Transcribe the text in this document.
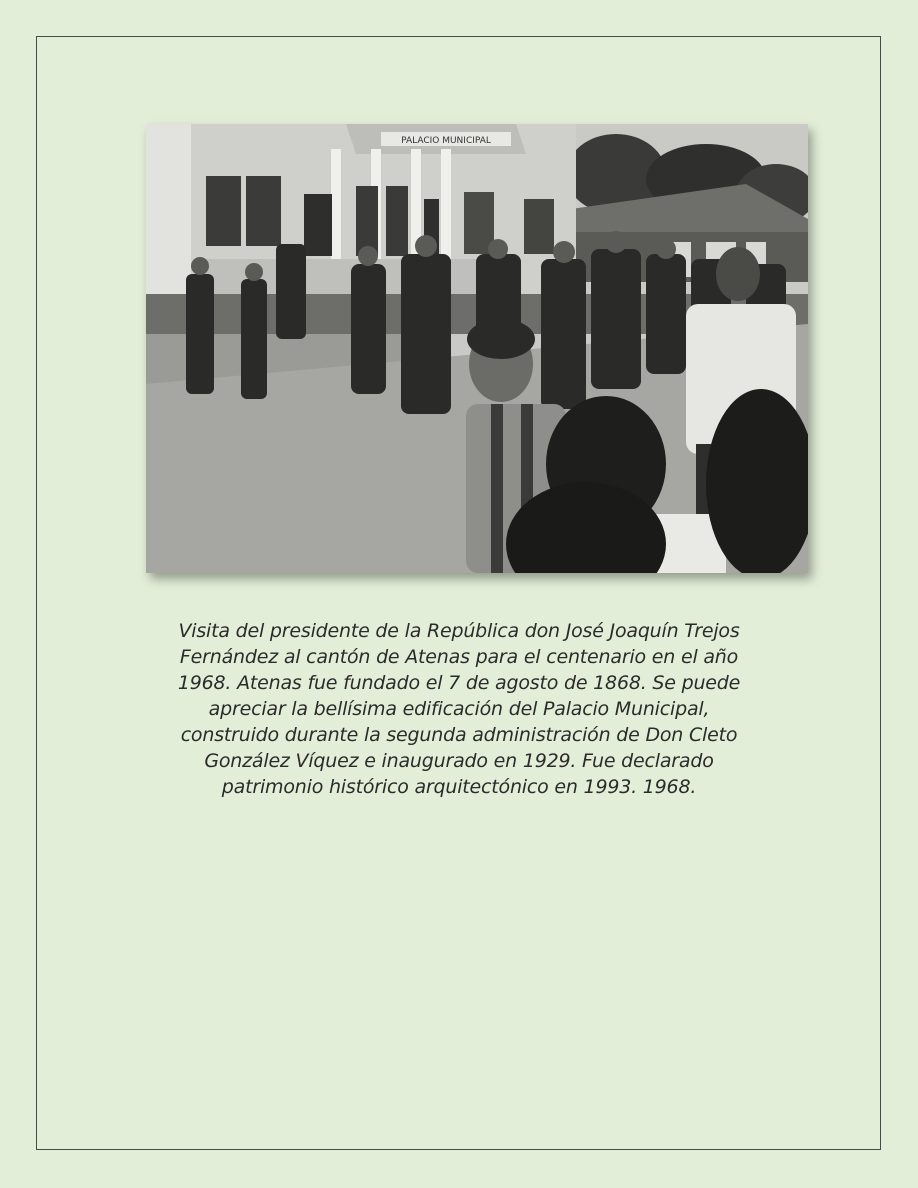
PALACIO MUNICIPAL
Visita del presidente de la República don José Joaquín Trejos
Fernández al cantón de Atenas para el centenario en el año
1968. Atenas fue fundado el 7 de agosto de 1868. Se puede
apreciar la bellísima edificación del Palacio Municipal,
construido durante la segunda administración de Don Cleto
González Víquez e inaugurado en 1929. Fue declarado
patrimonio histórico arquitectónico en 1993. 1968.
